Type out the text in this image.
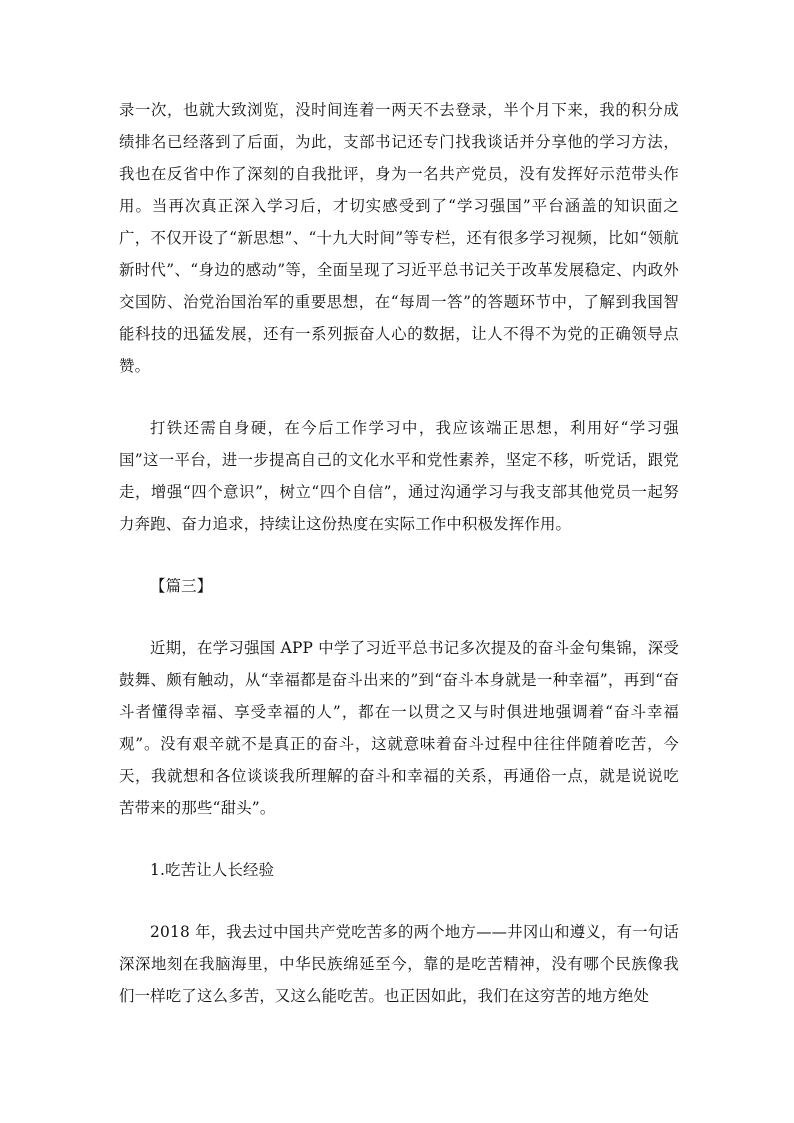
录一次，也就大致浏览，没时间连着一两天不去登录，半个月下来，我的积分成绩排名已经落到了后面，为此，支部书记还专门找我谈话并分享他的学习方法，我也在反省中作了深刻的自我批评，身为一名共产党员，没有发挥好示范带头作用。当再次真正深入学习后，才切实感受到了“学习强国”平台涵盖的知识面之广，不仅开设了“新思想”、“十九大时间”等专栏，还有很多学习视频，比如“领航新时代”、“身边的感动”等，全面呈现了习近平总书记关于改革发展稳定、内政外交国防、治党治国治军的重要思想，在“每周一答”的答题环节中，了解到我国智能科技的迅猛发展，还有一系列振奋人心的数据，让人不得不为党的正确领导点赞。

打铁还需自身硬，在今后工作学习中，我应该端正思想，利用好“学习强国”这一平台，进一步提高自己的文化水平和党性素养，坚定不移，听党话，跟党走，增强“四个意识”，树立“四个自信”，通过沟通学习与我支部其他党员一起努力奔跑、奋力追求，持续让这份热度在实际工作中积极发挥作用。

【篇三】

近期，在学习强国 APP 中学了习近平总书记多次提及的奋斗金句集锦，深受鼓舞、颇有触动，从“幸福都是奋斗出来的”到“奋斗本身就是一种幸福”，再到“奋斗者懂得幸福、享受幸福的人”，都在一以贯之又与时俱进地强调着“奋斗幸福观”。没有艰辛就不是真正的奋斗，这就意味着奋斗过程中往往伴随着吃苦，今天，我就想和各位谈谈我所理解的奋斗和幸福的关系，再通俗一点，就是说说吃苦带来的那些“甜头”。

1.吃苦让人长经验

2018 年，我去过中国共产党吃苦多的两个地方——井冈山和遵义，有一句话深深地刻在我脑海里，中华民族绵延至今，靠的是吃苦精神，没有哪个民族像我们一样吃了这么多苦，又这么能吃苦。也正因如此，我们在这穷苦的地方绝处
